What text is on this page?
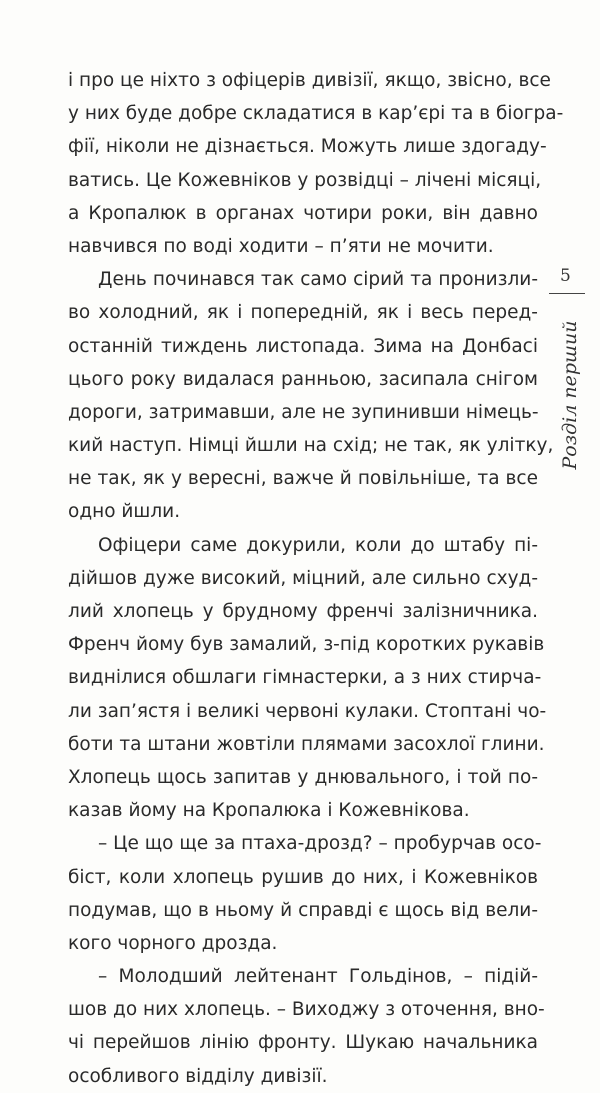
і про це ніхто з офіцерів дивізії, якщо, звісно, все
у них буде добре складатися в кар’єрі та в біогра-
фії, ніколи не дізнається. Можуть лише здогаду-
ватись. Це Кожевніков у розвідці – лічені місяці,
а Кропалюк в органах чотири роки, він давно
навчився по воді ходити – п’яти не мочити.
День починався так само сірий та пронизли-
во холодний, як і попередній, як і весь перед-
останній тиждень листопада. Зима на Донбасі
цього року видалася ранньою, засипала снігом
дороги, затримавши, але не зупинивши німець-
кий наступ. Німці йшли на схід; не так, як улітку,
не так, як у вересні, важче й повільніше, та все
одно йшли.
Офіцери саме докурили, коли до штабу пі-
дійшов дуже високий, міцний, але сильно схуд-
лий хлопець у брудному френчі залізничника.
Френч йому був замалий, з-під коротких рукавів
виднілися обшлаги гімнастерки, а з них стирча-
ли зап’ястя і великі червоні кулаки. Стоптані чо-
боти та штани жовтіли плямами засохлої глини.
Хлопець щось запитав у днювального, і той по-
казав йому на Кропалюка і Кожевнікова.
– Це що ще за птаха-дрозд? – пробурчав осо-
біст, коли хлопець рушив до них, і Кожевніков
подумав, що в ньому й справді є щось від вели-
кого чорного дрозда.
– Молодший лейтенант Гольдінов, – підій-
шов до них хлопець. – Виходжу з оточення, вно-
чі перейшов лінію фронту. Шукаю начальника
особливого відділу дивізії.
5
Розділ перший
